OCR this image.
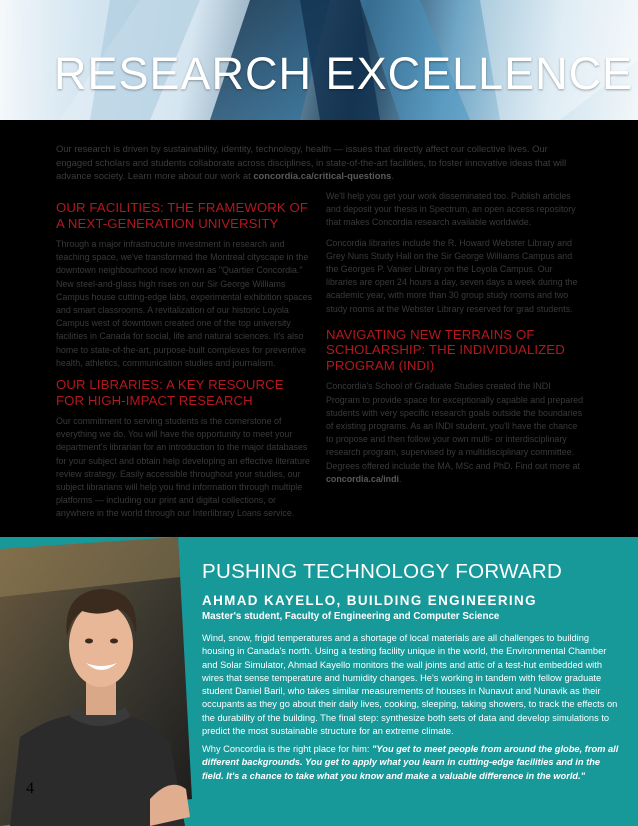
RESEARCH EXCELLENCE

Our research is driven by sustainability, identity, technology, health — issues that directly affect our collective lives. Our engaged scholars and students collaborate across disciplines, in state-of-the-art facilities, to foster innovative ideas that will advance society. Learn more about our work at concordia.ca/critical-questions.

OUR FACILITIES: THE FRAMEWORK OF A NEXT-GENERATION UNIVERSITY

Through a major infrastructure investment in research and teaching space, we've transformed the Montreal cityscape in the downtown neighbourhood now known as "Quartier Concordia." New steel-and-glass high rises on our Sir George Williams Campus house cutting-edge labs, experimental exhibition spaces and smart classrooms. A revitalization of our historic Loyola Campus west of downtown created one of the top university facilities in Canada for social, life and natural sciences. It's also home to state-of-the-art, purpose-built complexes for preventive health, athletics, communication studies and journalism.

OUR LIBRARIES: A KEY RESOURCE FOR HIGH-IMPACT RESEARCH

Our commitment to serving students is the cornerstone of everything we do. You will have the opportunity to meet your department's librarian for an introduction to the major databases for your subject and obtain help developing an effective literature review strategy. Easily accessible throughout your studies, our subject librarians will help you find information through multiple platforms — including our print and digital collections, or anywhere in the world through our Interlibrary Loans service.

We'll help you get your work disseminated too. Publish articles and deposit your thesis in Spectrum, an open access repository that makes Concordia research available worldwide.

Concordia libraries include the R. Howard Webster Library and Grey Nuns Study Hall on the Sir George Williams Campus and the Georges P. Vanier Library on the Loyola Campus. Our libraries are open 24 hours a day, seven days a week during the academic year, with more than 30 group study rooms and two study rooms at the Webster Library reserved for grad students.

NAVIGATING NEW TERRAINS OF SCHOLARSHIP: THE INDIVIDUALIZED PROGRAM (INDI)

Concordia's School of Graduate Studies created the INDI Program to provide space for exceptionally capable and prepared students with very specific research goals outside the boundaries of existing programs. As an INDI student, you'll have the chance to propose and then follow your own multi- or interdisciplinary research program, supervised by a multidisciplinary committee. Degrees offered include the MA, MSc and PhD. Find out more at concordia.ca/indi.

PUSHING TECHNOLOGY FORWARD

AHMAD KAYELLO, BUILDING ENGINEERING

Master's student, Faculty of Engineering and Computer Science

Wind, snow, frigid temperatures and a shortage of local materials are all challenges to building housing in Canada's north. Using a testing facility unique in the world, the Environmental Chamber and Solar Simulator, Ahmad Kayello monitors the wall joints and attic of a test-hut embedded with wires that sense temperature and humidity changes. He's working in tandem with fellow graduate student Daniel Baril, who takes similar measurements of houses in Nunavut and Nunavik as their occupants as they go about their daily lives, cooking, sleeping, taking showers, to track the effects on the durability of the building. The final step: synthesize both sets of data and develop simulations to predict the most sustainable structure for an extreme climate.

Why Concordia is the right place for him: "You get to meet people from around the globe, from all different backgrounds. You get to apply what you learn in cutting-edge facilities and in the field. It's a chance to take what you know and make a valuable difference in the world."

4
